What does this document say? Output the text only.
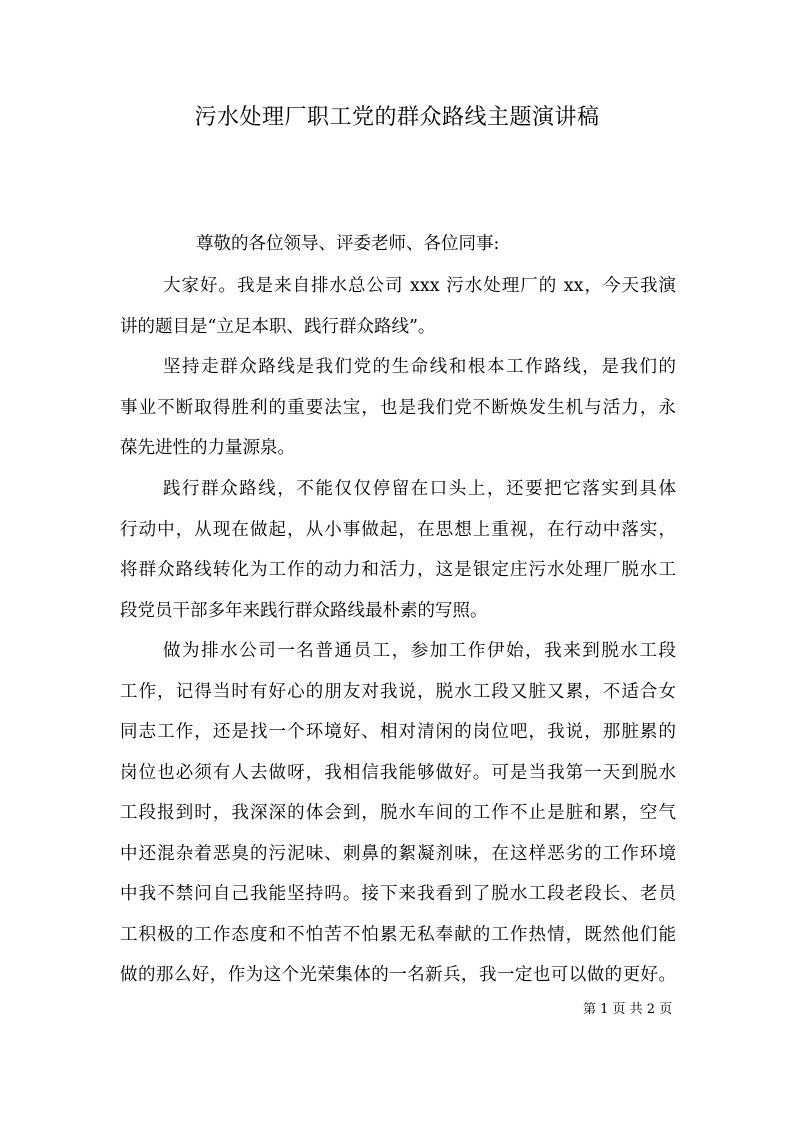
污水处理厂职工党的群众路线主题演讲稿
尊敬的各位领导、评委老师、各位同事:
大家好。我是来自排水总公司 xxx 污水处理厂的 xx，今天我演
讲的题目是“立足本职、践行群众路线”。
坚持走群众路线是我们党的生命线和根本工作路线，是我们的
事业不断取得胜利的重要法宝，也是我们党不断焕发生机与活力，永
葆先进性的力量源泉。
践行群众路线，不能仅仅停留在口头上，还要把它落实到具体
行动中，从现在做起，从小事做起，在思想上重视，在行动中落实，
将群众路线转化为工作的动力和活力，这是银定庄污水处理厂脱水工
段党员干部多年来践行群众路线最朴素的写照。
做为排水公司一名普通员工，参加工作伊始，我来到脱水工段
工作，记得当时有好心的朋友对我说，脱水工段又脏又累，不适合女
同志工作，还是找一个环境好、相对清闲的岗位吧，我说，那脏累的
岗位也必须有人去做呀，我相信我能够做好。可是当我第一天到脱水
工段报到时，我深深的体会到，脱水车间的工作不止是脏和累，空气
中还混杂着恶臭的污泥味、刺鼻的絮凝剂味，在这样恶劣的工作环境
中我不禁问自己我能坚持吗。接下来我看到了脱水工段老段长、老员
工积极的工作态度和不怕苦不怕累无私奉献的工作热情，既然他们能
做的那么好，作为这个光荣集体的一名新兵，我一定也可以做的更好。
第 1 页 共 2 页
